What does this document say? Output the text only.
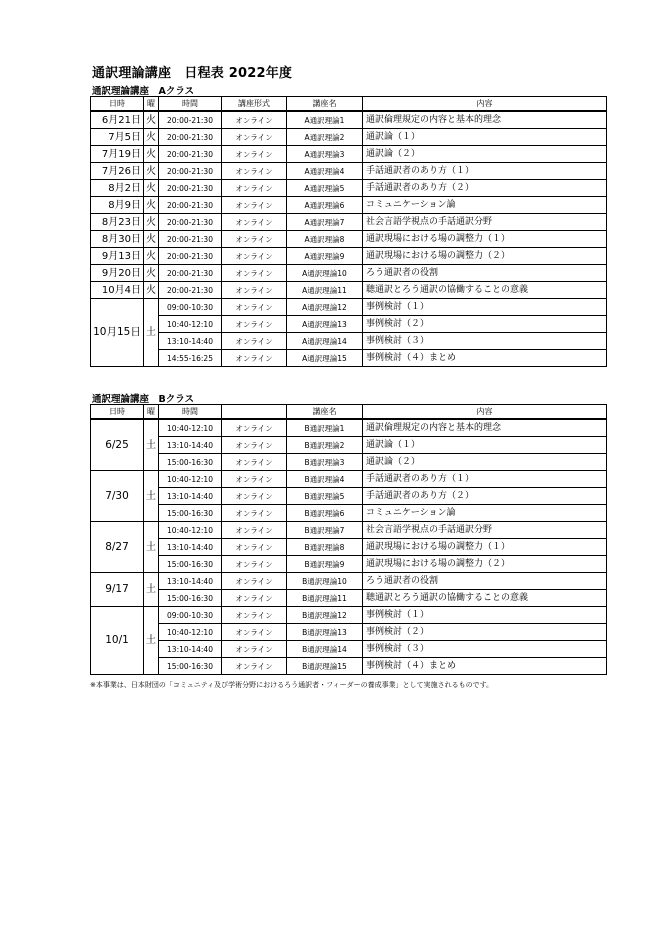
通訳理論講座　日程表 2022年度
通訳理論講座　Aクラス
日時	曜	時間	講座形式	講座名	内容
6月21日	火	20:00-21:30	オンライン	A通訳理論1	通訳倫理規定の内容と基本的理念
7月5日	火	20:00-21:30	オンライン	A通訳理論2	通訳論（１）
7月19日	火	20:00-21:30	オンライン	A通訳理論3	通訳論（２）
7月26日	火	20:00-21:30	オンライン	A通訳理論4	手話通訳者のあり方（１）
8月2日	火	20:00-21:30	オンライン	A通訳理論5	手話通訳者のあり方（２）
8月9日	火	20:00-21:30	オンライン	A通訳理論6	コミュニケーション論
8月23日	火	20:00-21:30	オンライン	A通訳理論7	社会言語学視点の手話通訳分野
8月30日	火	20:00-21:30	オンライン	A通訳理論8	通訳現場における場の調整力（１）
9月13日	火	20:00-21:30	オンライン	A通訳理論9	通訳現場における場の調整力（２）
9月20日	火	20:00-21:30	オンライン	A通訳理論10	ろう通訳者の役割
10月4日	火	20:00-21:30	オンライン	A通訳理論11	聴通訳とろう通訳の協働することの意義
10月15日	土	09:00-10:30	オンライン	A通訳理論12	事例検討（１）
		10:40-12:10	オンライン	A通訳理論13	事例検討（２）
		13:10-14:40	オンライン	A通訳理論14	事例検討（３）
		14:55-16:25	オンライン	A通訳理論15	事例検討（４）まとめ
通訳理論講座　Bクラス
日時	曜	時間		講座名	内容
6/25	土	10:40-12:10	オンライン	B通訳理論1	通訳倫理規定の内容と基本的理念
		13:10-14:40	オンライン	B通訳理論2	通訳論（１）
		15:00-16:30	オンライン	B通訳理論3	通訳論（２）
7/30	土	10:40-12:10	オンライン	B通訳理論4	手話通訳者のあり方（１）
		13:10-14:40	オンライン	B通訳理論5	手話通訳者のあり方（２）
		15:00-16:30	オンライン	B通訳理論6	コミュニケーション論
8/27	土	10:40-12:10	オンライン	B通訳理論7	社会言語学視点の手話通訳分野
		13:10-14:40	オンライン	B通訳理論8	通訳現場における場の調整力（１）
		15:00-16:30	オンライン	B通訳理論9	通訳現場における場の調整力（２）
9/17	土	13:10-14:40	オンライン	B通訳理論10	ろう通訳者の役割
		15:00-16:30	オンライン	B通訳理論11	聴通訳とろう通訳の協働することの意義
10/1	土	09:00-10:30	オンライン	B通訳理論12	事例検討（１）
		10:40-12:10	オンライン	B通訳理論13	事例検討（２）
		13:10-14:40	オンライン	B通訳理論14	事例検討（３）
		15:00-16:30	オンライン	B通訳理論15	事例検討（４）まとめ
※本事業は、日本財団の「コミュニティ及び学術分野におけるろう通訳者・フィーダーの養成事業」として実施されるものです。
